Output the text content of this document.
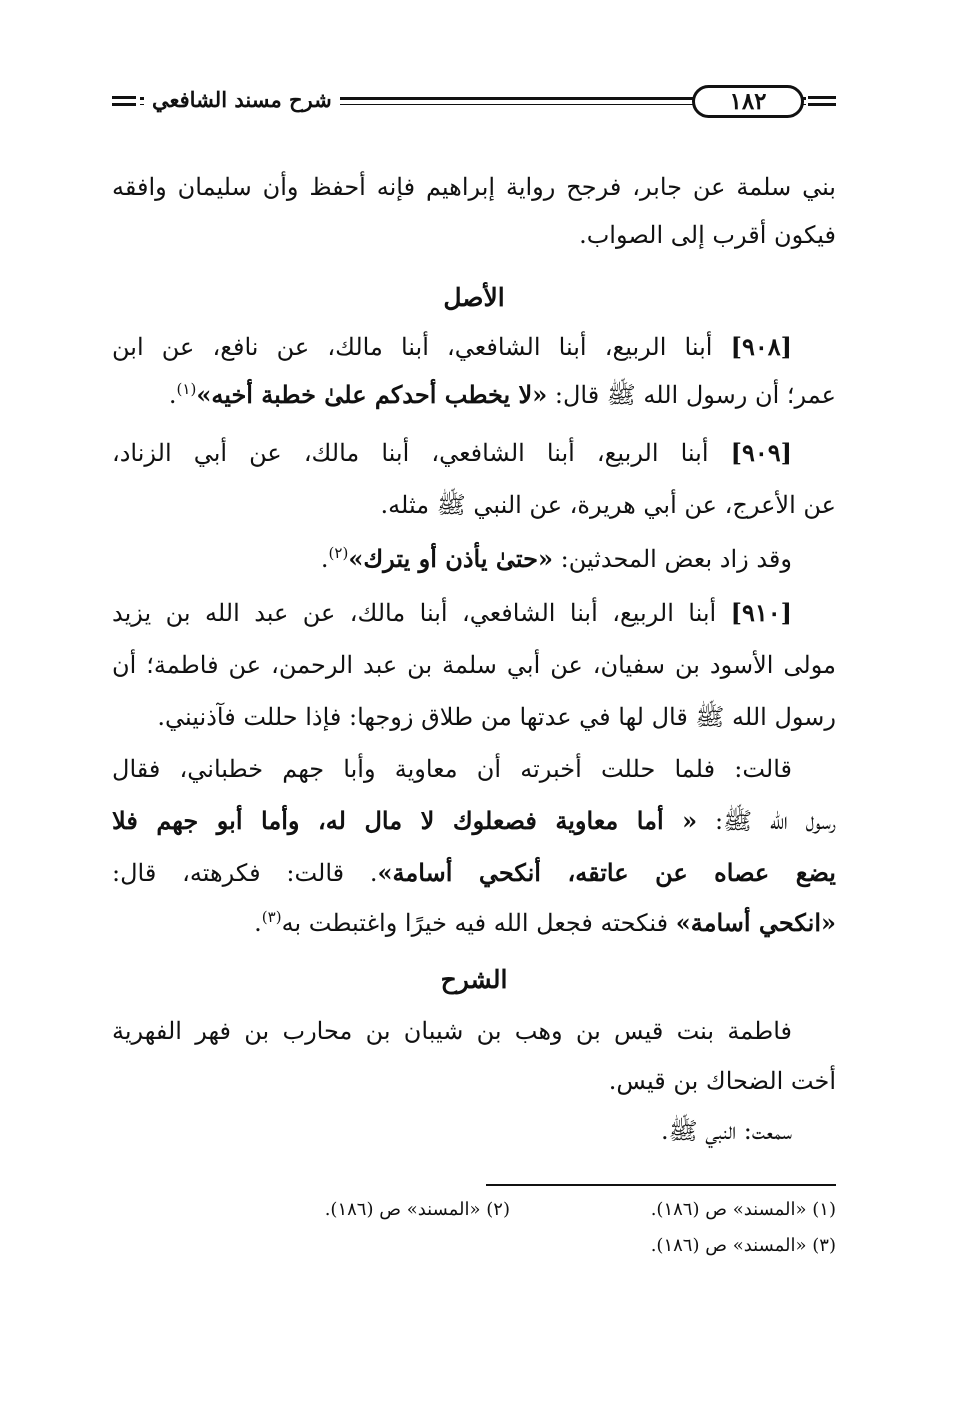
شرح مسند الشافعي	١٨٢
بني سلمة عن جابر، فرجح رواية إبراهيم فإنه أحفظ وأن سليمان وافقه
فيكون أقرب إلى الصواب.
الأصل
[٩٠٨] أبنا الربيع، أبنا الشافعي، أبنا مالك، عن نافع، عن ابن
عمر؛ أن رسول الله ﷺ قال: «لا يخطب أحدكم علىٰ خطبة أخيه»$^{(١)}$.
[٩٠٩] أبنا الربيع، أبنا الشافعي، أبنا مالك، عن أبي الزناد،
عن الأعرج، عن أبي هريرة، عن النبي ﷺ مثله.
وقد زاد بعض المحدثين: «حتىٰ يأذن أو يترك»$^{(٢)}$.
[٩١٠] أبنا الربيع، أبنا الشافعي، أبنا مالك، عن عبد الله بن يزيد
مولى الأسود بن سفيان، عن أبي سلمة بن عبد الرحمن، عن فاطمة؛ أن
رسول الله ﷺ قال لها في عدتها من طلاق زوجها: فإذا حللت فآذنيني.
قالت: فلما حللت أخبرته أن معاوية وأبا جهم خطباني، فقال
رسول الله ﷺ: « أما معاوية فصعلوك لا مال له، وأما أبو جهم فلا
يضع عصاه عن عاتقه، أنكحي أسامة». قالت: فكرهته، قال:
«انكحي أسامة» فنكحته فجعل الله فيه خيرًا واغتبطت به$^{(٣)}$.
الشرح
فاطمة بنت قيس بن وهب بن شيبان بن محارب بن فهر الفهرية
أخت الضحاك بن قيس.
سمعت: النبي ﷺ.
(١) «المسند» ص (١٨٦).
(٢) «المسند» ص (١٨٦).
(٣) «المسند» ص (١٨٦).
